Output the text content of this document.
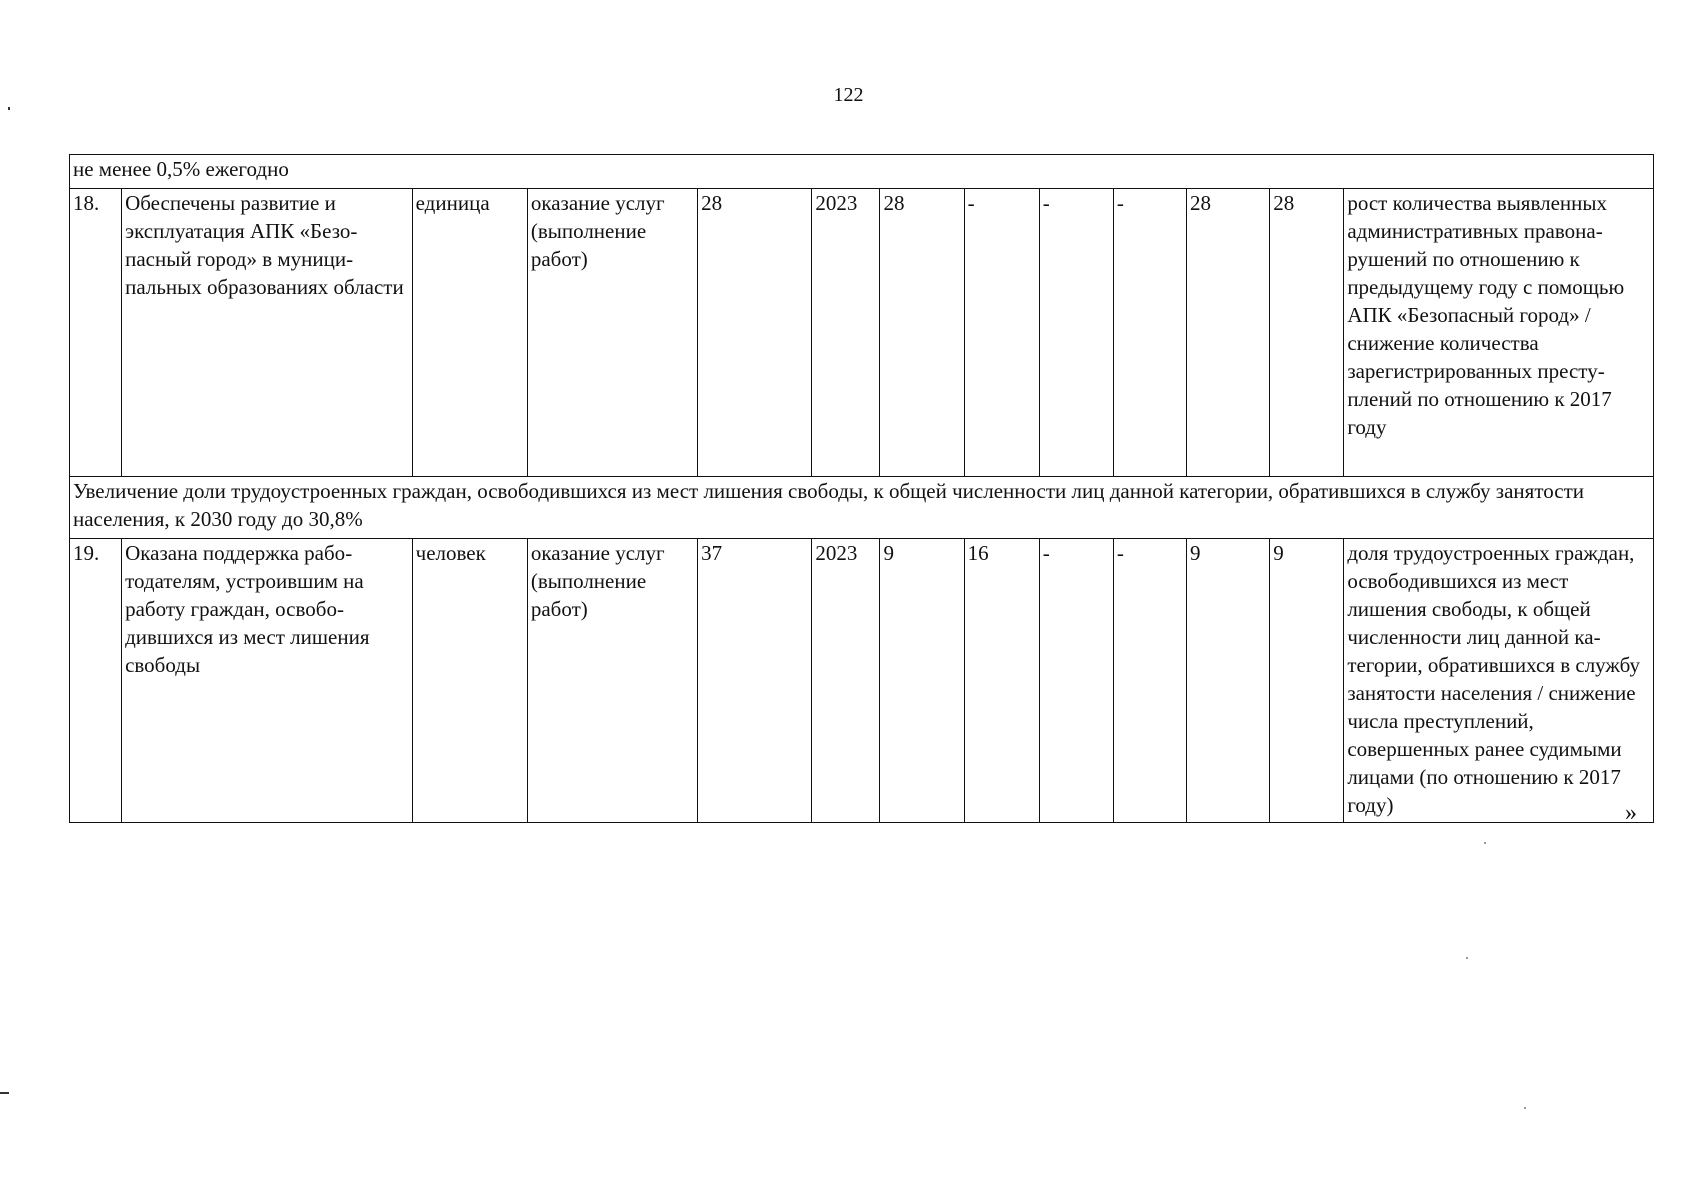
122
не менее 0,5% ежегодно												
18.	Обеспечены развитие и эксплуатация АПК «Безопасный город» в муниципальных образованиях области	единица	оказание услуг (выполнение работ)	28	2023	28	-	-	-	28	28	рост количества выявленных административных правонарушений по отношению к предыдущему году с помощью АПК «Безопасный город» / снижение количества зарегистрированных преступлений по отношению к 2017 году
Увеличение доли трудоустроенных граждан, освободившихся из мест лишения свободы, к общей численности лиц данной категории, обратившихся в службу занятости населения, к 2030 году до 30,8%												
19.	Оказана поддержка работодателям, устроившим на работу граждан, освободившихся из мест лишения свободы	человек	оказание услуг (выполнение работ)	37	2023	9	16	-	-	9	9	доля трудоустроенных граждан, освободившихся из мест лишения свободы, к общей численности лиц данной категории, обратившихся в службу занятости населения / снижение числа преступлений, совершенных ранее судимыми лицами (по отношению к 2017 году)	»
